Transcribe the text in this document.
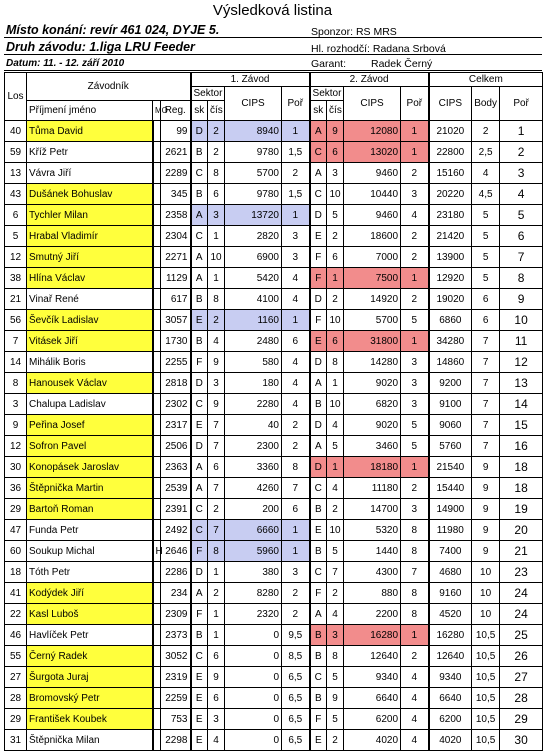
Výsledková listina
Místo konání: revír 461 024, DYJE 5.
Druh závodu: 1.liga LRU Feeder
Datum: 11. - 12. září 2010
Sponzor: RS MRS
Hl. rozhodčí: Radana Srbová
Garant: Radek Černý
Los	Závodník			1. Závod				2. Závod				Celkem		
				Sektor		CIPS	Poř	Sektor		CIPS	Poř	CIPS	Body	Poř
	Příjmení jméno	MO	Reg.	sk	čís			sk	čís					
40	Tůma David		99	D	2	8940	1	A	9	12080	1	21020	2	1
59	Kříž Petr		2621	B	2	9780	1,5	C	6	13020	1	22800	2,5	2
13	Vávra Jiří		2289	C	8	5700	2	A	3	9460	2	15160	4	3
43	Dušánek Bohuslav		345	B	6	9780	1,5	C	10	10440	3	20220	4,5	4
6	Tychler Milan		2358	A	3	13720	1	D	5	9460	4	23180	5	5
5	Hrabal Vladimír		2304	C	1	2820	3	E	2	18600	2	21420	5	6
12	Smutný Jiří		2271	A	10	6900	3	F	6	7000	2	13900	5	7
38	Hlína Václav		1129	A	1	5420	4	F	1	7500	1	12920	5	8
21	Vinař René		617	B	8	4100	4	D	2	14920	2	19020	6	9
56	Ševčík Ladislav		3057	E	2	1160	1	F	10	5700	5	6860	6	10
7	Vitásek Jiří		1730	B	4	2480	6	E	6	31800	1	34280	7	11
14	Mihálik Boris		2255	F	9	580	4	D	8	14280	3	14860	7	12
8	Hanousek Václav		2818	D	3	180	4	A	1	9020	3	9200	7	13
3	Chalupa Ladislav		2302	C	9	2280	4	B	10	6820	3	9100	7	14
9	Peřina Josef		2317	E	7	40	2	D	4	9020	5	9060	7	15
12	Sofron Pavel		2506	D	7	2300	2	A	5	3460	5	5760	7	16
30	Konopásek Jaroslav		2363	A	6	3360	8	D	1	18180	1	21540	9	18
36	Štěpnička Martin		2539	A	7	4260	7	C	4	11180	2	15440	9	18
29	Bartoň Roman		2391	C	2	200	6	B	2	14700	3	14900	9	19
47	Funda Petr		2492	C	7	6660	1	E	10	5320	8	11980	9	20
60	Soukup Michal	H	2646	F	8	5960	1	B	5	1440	8	7400	9	21
18	Tóth Petr		2286	D	1	380	3	C	7	4300	7	4680	10	23
41	Kodýdek Jiří		234	A	2	8280	2	F	2	880	8	9160	10	24
22	Kasl Luboš		2309	F	1	2320	2	A	4	2200	8	4520	10	24
46	Havlíček Petr		2373	B	1	0	9,5	B	3	16280	1	16280	10,5	25
55	Černý Radek		3052	C	6	0	8,5	B	8	12640	2	12640	10,5	26
27	Šurgota Juraj		2319	E	9	0	6,5	C	5	9340	4	9340	10,5	27
28	Bromovský Petr		2259	E	6	0	6,5	B	9	6640	4	6640	10,5	28
29	František Koubek		753	E	3	0	6,5	F	5	6200	4	6200	10,5	29
31	Štěpnička Milan		2298	E	4	0	6,5	E	2	4020	4	4020	10,5	30
